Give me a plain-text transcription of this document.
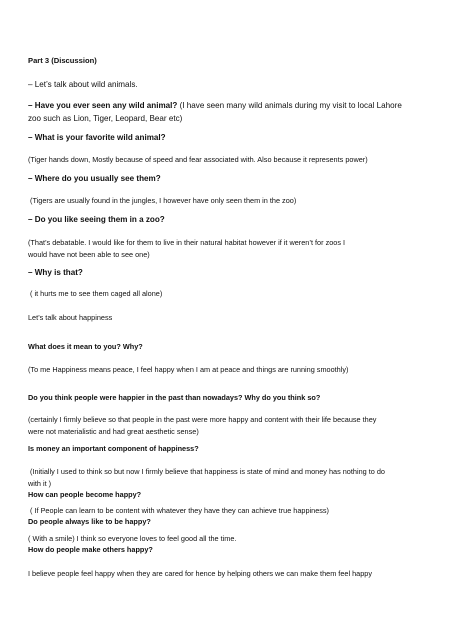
Part 3 (Discussion)
– Let’s talk about wild animals.
– Have you ever seen any wild animal? (I have seen many wild animals during my visit to local Lahore
zoo such as Lion, Tiger, Leopard, Bear etc)
– What is your favorite wild animal?
(Tiger hands down, Mostly because of speed and fear associated with. Also because it represents power)
– Where do you usually see them?
(Tigers are usually found in the jungles, I however have only seen them in the zoo)
– Do you like seeing them in a zoo?
(That’s debatable. I would like for them to live in their natural habitat however if it weren’t for zoos I
would have not been able to see one)
– Why is that?
( it hurts me to see them caged all alone)
Let’s talk about happiness
What does it mean to you? Why?
(To me Happiness means peace, I feel happy when I am at peace and things are running smoothly)
Do you think people were happier in the past than nowadays? Why do you think so?
(certainly I firmly believe so that people in the past were more happy and content with their life because they
were not materialistic and had great aesthetic sense)
Is money an important component of happiness?
(Initially I used to think so but now I firmly believe that happiness is state of mind and money has nothing to do
with it )
How can people become happy?
( If People can learn to be content with whatever they have they can achieve true happiness)
Do people always like to be happy?
( With a smile) I think so everyone loves to feel good all the time.
How do people make others happy?
I believe people feel happy when they are cared for hence by helping others we can make them feel happy
